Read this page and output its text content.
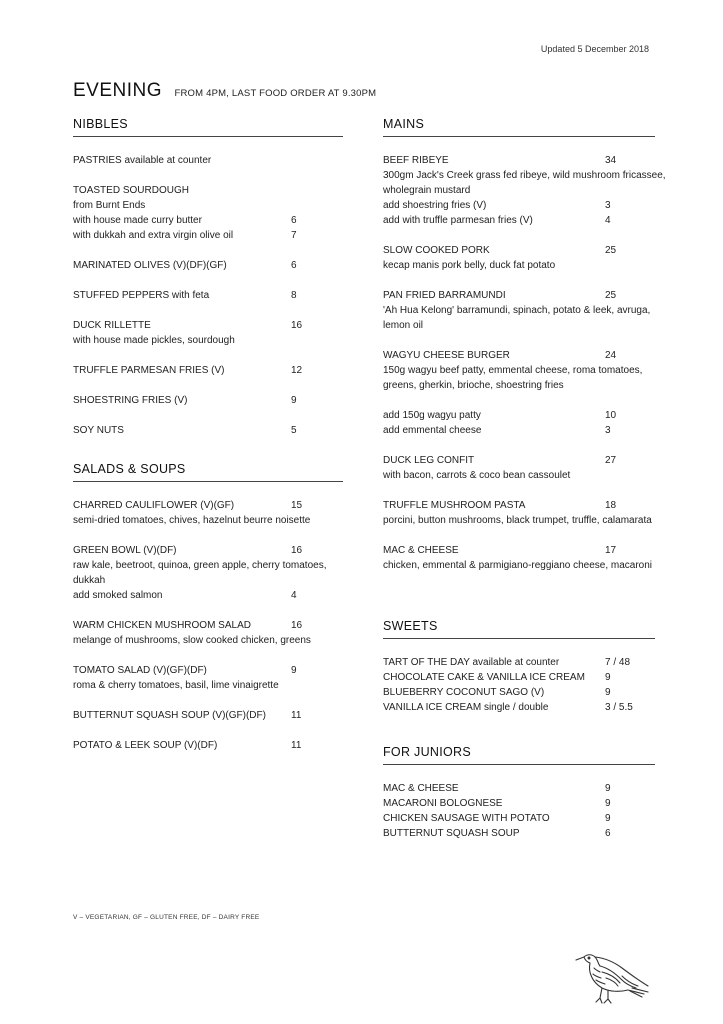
Updated 5 December 2018
EVENING FROM 4PM, LAST FOOD ORDER AT 9.30PM
NIBBLES
PASTRIES available at counter
TOASTED SOURDOUGH
from Burnt Ends
with house made curry butter	6
with dukkah and extra virgin olive oil	7
MARINATED OLIVES (V)(DF)(GF)	6
STUFFED PEPPERS with feta	8
DUCK RILLETTE	16
with house made pickles, sourdough
TRUFFLE PARMESAN FRIES (V)	12
SHOESTRING FRIES (V)	9
SOY NUTS	5
SALADS & SOUPS
CHARRED CAULIFLOWER (V)(GF)	15
semi-dried tomatoes, chives, hazelnut beurre noisette
GREEN BOWL (V)(DF)	16
raw kale, beetroot, quinoa, green apple, cherry tomatoes, dukkah
add smoked salmon	4
WARM CHICKEN MUSHROOM SALAD	16
melange of mushrooms, slow cooked chicken, greens
TOMATO SALAD (V)(GF)(DF)	9
roma & cherry tomatoes, basil, lime vinaigrette
BUTTERNUT SQUASH SOUP (V)(GF)(DF)	11
POTATO & LEEK SOUP (V)(DF)	11
MAINS
BEEF RIBEYE	34
300gm Jack's Creek grass fed ribeye, wild mushroom fricassee, wholegrain mustard
add shoestring fries (V)	3
add with truffle parmesan fries (V)	4
SLOW COOKED PORK	25
kecap manis pork belly, duck fat potato
PAN FRIED BARRAMUNDI	25
'Ah Hua Kelong' barramundi, spinach, potato & leek, avruga, lemon oil
WAGYU CHEESE BURGER	24
150g wagyu beef patty, emmental cheese, roma tomatoes, greens, gherkin, brioche, shoestring fries
add 150g wagyu patty	10
add emmental cheese	3
DUCK LEG CONFIT	27
with bacon, carrots & coco bean cassoulet
TRUFFLE MUSHROOM PASTA	18
porcini, button mushrooms, black trumpet, truffle, calamarata
MAC & CHEESE	17
chicken, emmental & parmigiano-reggiano cheese, macaroni
SWEETS
TART OF THE DAY available at counter	7 / 48
CHOCOLATE CAKE & VANILLA ICE CREAM	9
BLUEBERRY COCONUT SAGO (V)	9
VANILLA ICE CREAM single / double	3 / 5.5
FOR JUNIORS
MAC & CHEESE	9
MACARONI BOLOGNESE	9
CHICKEN SAUSAGE WITH POTATO	9
BUTTERNUT SQUASH SOUP	6
V – VEGETARIAN, GF – GLUTEN FREE, DF – DAIRY FREE
